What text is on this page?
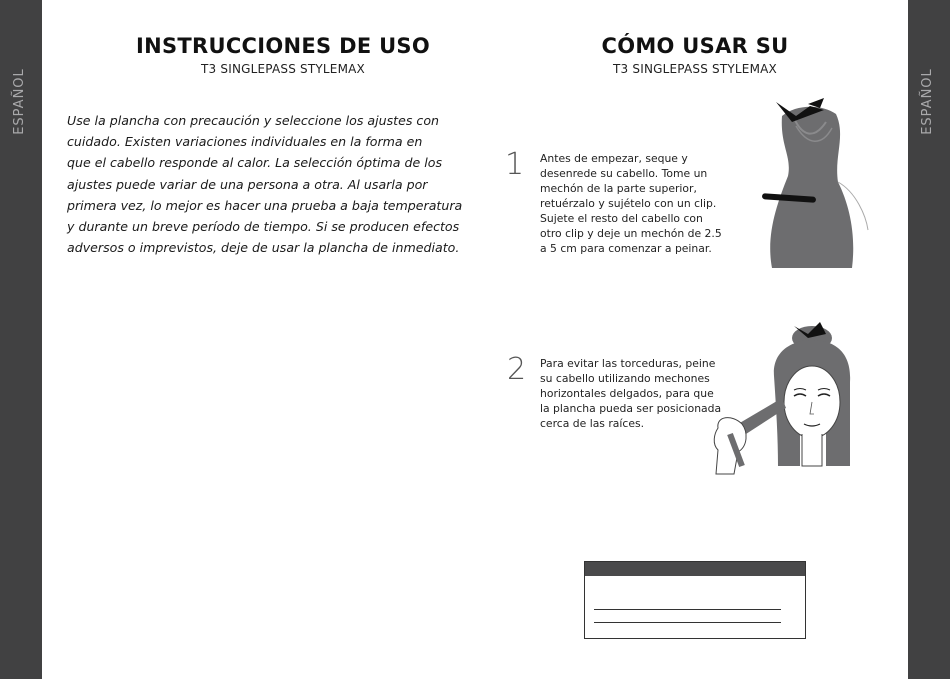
ESPAÑOL	ESPAÑOL
INSTRUCCIONES DE USO
T3 SINGLEPASS STYLEMAX
Use la plancha con precaución y seleccione los ajustes con
cuidado. Existen variaciones individuales en la forma en
que el cabello responde al calor. La selección óptima de los
ajustes puede variar de una persona a otra. Al usarla por
primera vez, lo mejor es hacer una prueba a baja temperatura
y durante un breve período de tiempo. Si se producen efectos
adversos o imprevistos, deje de usar la plancha de inmediato.
CÓMO USAR SU
T3 SINGLEPASS STYLEMAX
1 Antes de empezar, seque y
desenrede su cabello. Tome un
mechón de la parte superior,
retuérzalo y sujételo con un clip.
Sujete el resto del cabello con
otro clip y deje un mechón de 2.5
a 5 cm para comenzar a peinar.
2 Para evitar las torceduras, peine
su cabello utilizando mechones
horizontales delgados, para que
la plancha pueda ser posicionada
cerca de las raíces.
